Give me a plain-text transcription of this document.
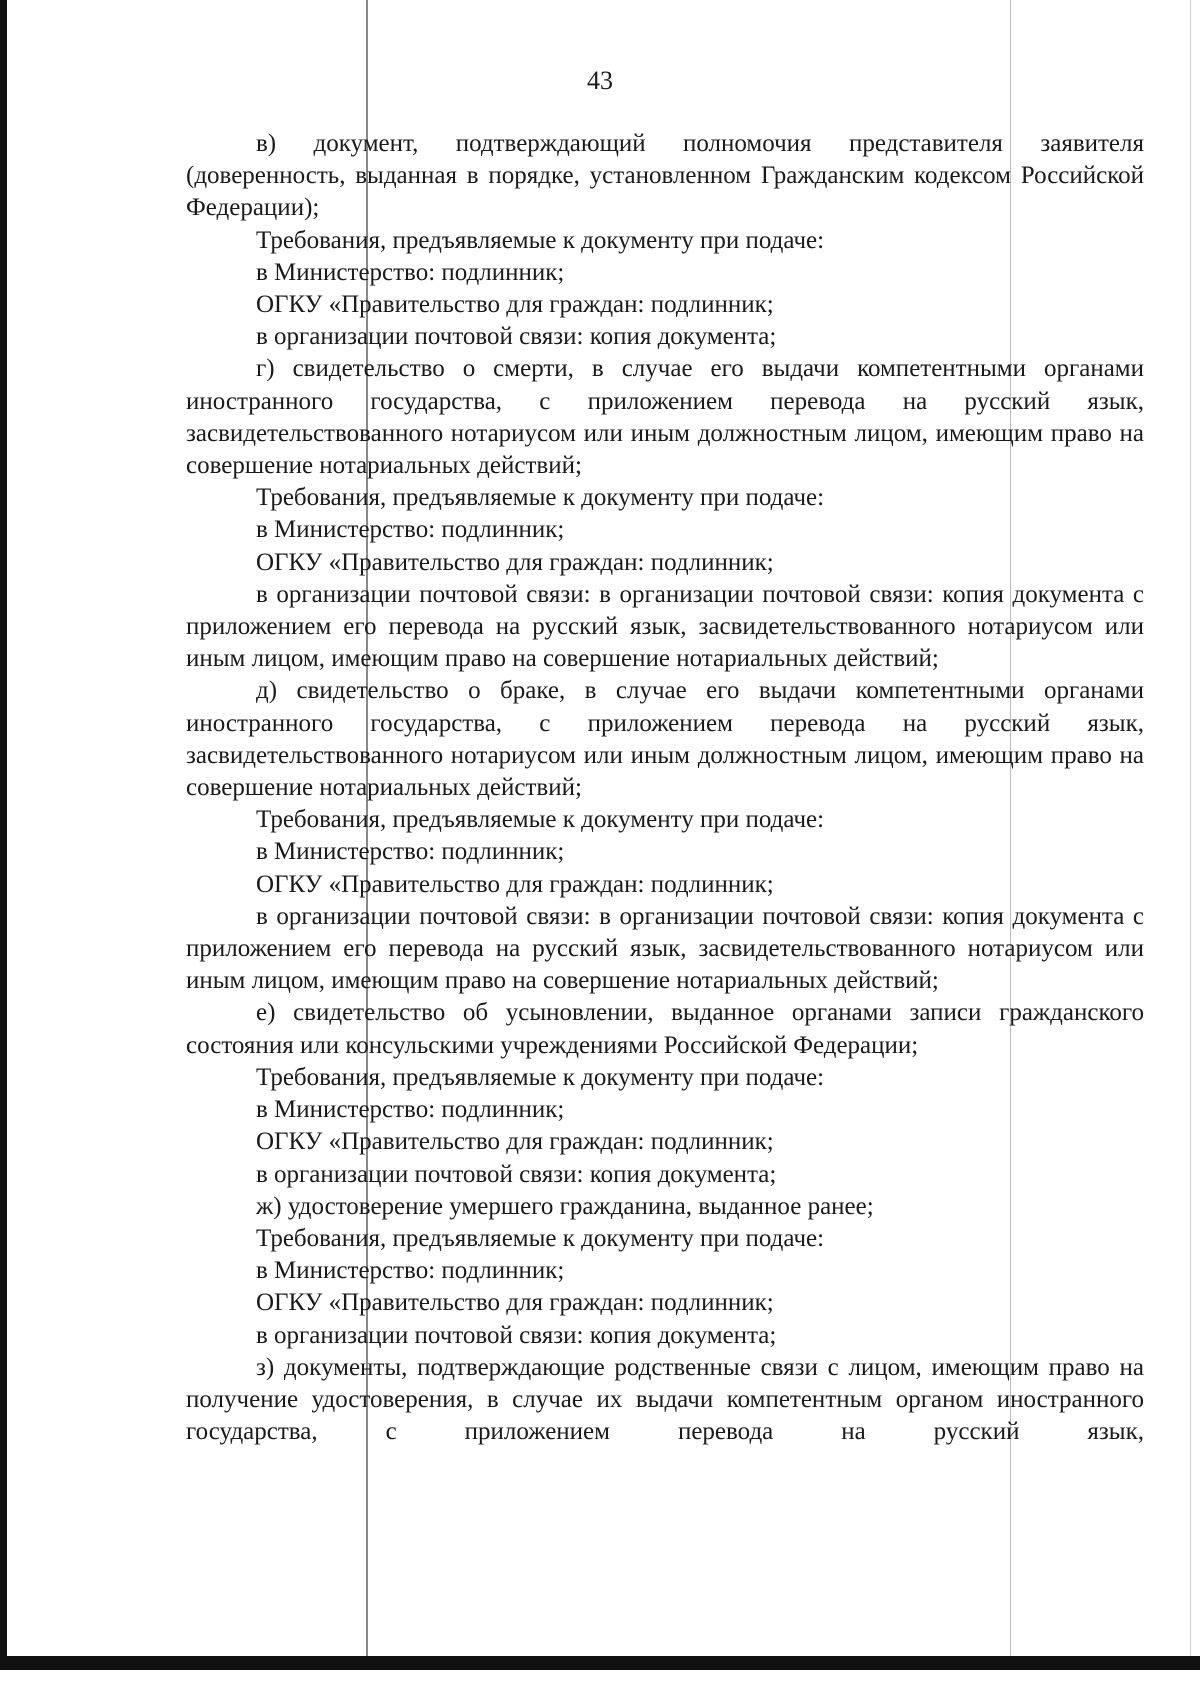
43

в) документ, подтверждающий полномочия представителя заявителя (доверенность, выданная в порядке, установленном Гражданским кодексом Российской Федерации);

Требования, предъявляемые к документу при подаче:

в Министерство: подлинник;

ОГКУ «Правительство для граждан: подлинник;

в организации почтовой связи: копия документа;

г) свидетельство о смерти, в случае его выдачи компетентными органами иностранного государства, с приложением перевода на русский язык, засвидетельствованного нотариусом или иным должностным лицом, имеющим право на совершение нотариальных действий;

Требования, предъявляемые к документу при подаче:

в Министерство: подлинник;

ОГКУ «Правительство для граждан: подлинник;

в организации почтовой связи: в организации почтовой связи: копия документа с приложением его перевода на русский язык, засвидетельствованного нотариусом или иным лицом, имеющим право на совершение нотариальных действий;

д) свидетельство о браке, в случае его выдачи компетентными органами иностранного государства, с приложением перевода на русский язык, засвидетельствованного нотариусом или иным должностным лицом, имеющим право на совершение нотариальных действий;

Требования, предъявляемые к документу при подаче:

в Министерство: подлинник;

ОГКУ «Правительство для граждан: подлинник;

в организации почтовой связи: в организации почтовой связи: копия документа с приложением его перевода на русский язык, засвидетельствованного нотариусом или иным лицом, имеющим право на совершение нотариальных действий;

е) свидетельство об усыновлении, выданное органами записи гражданского состояния или консульскими учреждениями Российской Федерации;

Требования, предъявляемые к документу при подаче:

в Министерство: подлинник;

ОГКУ «Правительство для граждан: подлинник;

в организации почтовой связи: копия документа;

ж) удостоверение умершего гражданина, выданное ранее;

Требования, предъявляемые к документу при подаче:

в Министерство: подлинник;

ОГКУ «Правительство для граждан: подлинник;

в организации почтовой связи: копия документа;

з) документы, подтверждающие родственные связи с лицом, имеющим право на получение удостоверения, в случае их выдачи компетентным органом иностранного государства, с приложением перевода на русский язык,
